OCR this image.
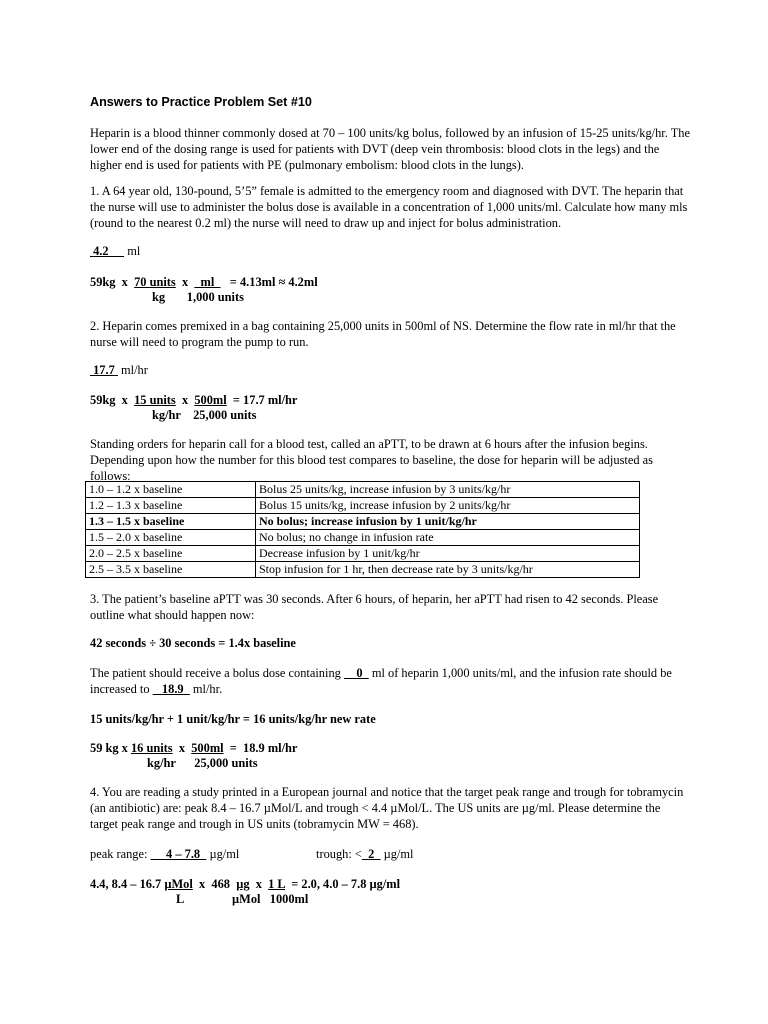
Answers to Practice Problem Set #10

Heparin is a blood thinner commonly dosed at 70 – 100 units/kg bolus, followed by an infusion of 15-25 units/kg/hr. The lower end of the dosing range is used for patients with DVT (deep vein thrombosis: blood clots in the legs) and the higher end is used for patients with PE (pulmonary embolism: blood clots in the lungs).

1. A 64 year old, 130-pound, 5’5” female is admitted to the emergency room and diagnosed with DVT. The heparin that the nurse will use to administer the bolus dose is available in a concentration of 1,000 units/ml. Calculate how many mls (round to the nearest 0.2 ml) the nurse will need to draw up and inject for bolus administration.

4.2 ml
59kg  x  70 units  x    ml     = 4.13ml ≈ 4.2ml
kg       1,000 units

2. Heparin comes premixed in a bag containing 25,000 units in 500ml of NS. Determine the flow rate in ml/hr that the nurse will need to program the pump to run.

17.7 ml/hr
59kg  x  15 units  x  500ml  = 17.7 ml/hr
kg/hr    25,000 units

Standing orders for heparin call for a blood test, called an aPTT, to be drawn at 6 hours after the infusion begins. Depending upon how the number for this blood test compares to baseline, the dose for heparin will be adjusted as follows:

1.0 – 1.2 x baseline	Bolus 25 units/kg, increase infusion by 3 units/kg/hr
1.2 – 1.3 x baseline	Bolus 15 units/kg, increase infusion by 2 units/kg/hr
1.3 – 1.5 x baseline	No bolus; increase infusion by 1 unit/kg/hr
1.5 – 2.0 x baseline	No bolus; no change in infusion rate
2.0 – 2.5 x baseline	Decrease infusion by 1 unit/kg/hr
2.5 – 3.5 x baseline	Stop infusion for 1 hr, then decrease rate by 3 units/kg/hr

3. The patient’s baseline aPTT was 30 seconds. After 6 hours, of heparin, her aPTT had risen to 42 seconds. Please outline what should happen now:

42 seconds ÷ 30 seconds = 1.4x baseline

The patient should receive a bolus dose containing     0   ml of heparin 1,000 units/ml, and the infusion rate should be increased to    18.9   ml/hr.

15 units/kg/hr + 1 unit/kg/hr = 16 units/kg/hr new rate
59 kg x 16 units  x  500ml  =  18.9 ml/hr
kg/hr      25,000 units

4. You are reading a study printed in a European journal and notice that the target peak range and trough for tobramycin (an antibiotic) are: peak 8.4 – 16.7 µMol/L and trough < 4.4 µMol/L. The US units are µg/ml. Please determine the target peak range and trough in US units (tobramycin MW = 468).

peak range:      4 – 7.8 µg/ml	trough: < 2 µg/ml
4.4, 8.4 – 16.7 µMol  x  468  µg  x  1 L  = 2.0, 4.0 – 7.8 µg/ml
L	µMol   1000ml
